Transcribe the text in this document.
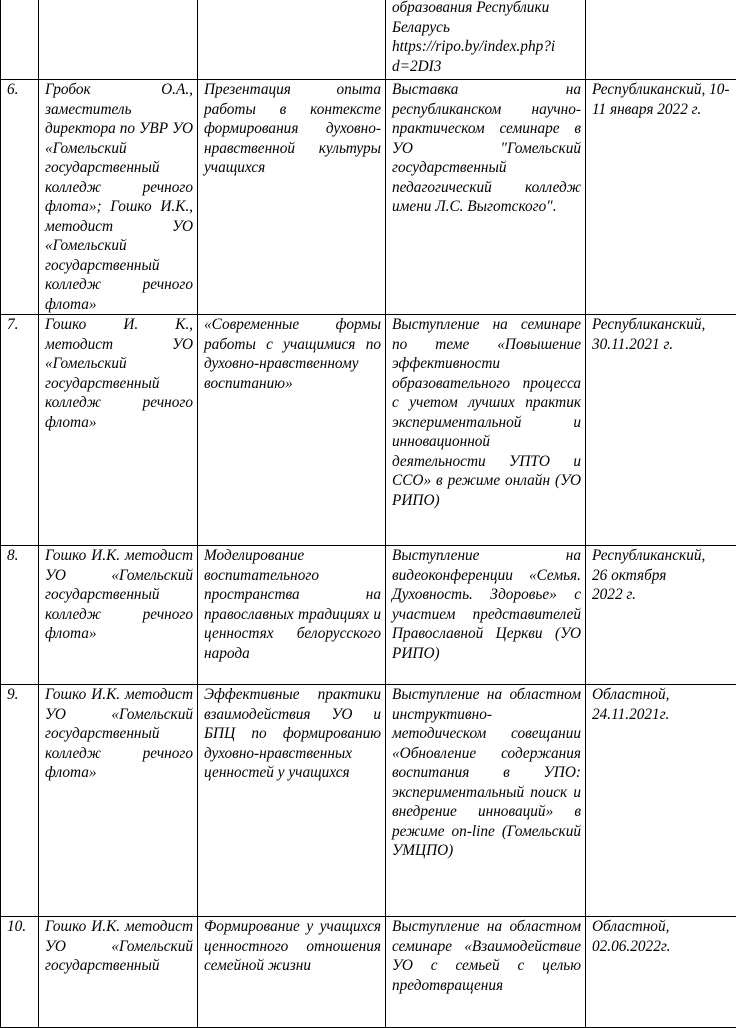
			образования Республики
Беларусь
https://ripo.by/index.php?i
d=2DI3	

6.	Гробок О.А., заместитель директора по УВР УО «Гомельский государственный колледж речного флота»; Гошко И.К., методист УО «Гомельский государственный колледж речного флота»	Презентация опыта работы в контексте формирования духовно-нравственной культуры учащихся	Выставка на республиканском научно-практическом семинаре в УО "Гомельский государственный педагогический колледж имени Л.С. Выготского".	Республиканский, 10-11 января 2022 г.

7.	Гошко И. К., методист УО «Гомельский государственный колледж речного флота»	«Современные формы работы с учащимися по духовно-нравственному воспитанию»	Выступление на семинаре по теме «Повышение эффективности образовательного процесса с учетом лучших практик экспериментальной и инновационной деятельности УПТО и ССО» в режиме онлайн (УО РИПО)	Республиканский, 30.11.2021 г.

8.	Гошко И.К. методист УО «Гомельский государственный колледж речного флота»	Моделирование воспитательного пространства на православных традициях и ценностях белорусского народа	Выступление на видеоконференции «Семья. Духовность. Здоровье» с участием представителей Православной Церкви (УО РИПО)	Республиканский,
26 октября
2022 г.

9.	Гошко И.К. методист УО «Гомельский государственный колледж речного флота»	Эффективные практики взаимодействия УО и БПЦ по формированию духовно-нравственных ценностей у учащихся	Выступление на областном инструктивно-методическом совещании «Обновление содержания воспитания в УПО: экспериментальный поиск и внедрение инноваций» в режиме on-line (Гомельский УМЦПО)	Областной, 24.11.2021г.

10.	Гошко И.К. методист УО «Гомельский государственный	Формирование у учащихся ценностного отношения семейной жизни	Выступление на областном семинаре «Взаимодействие УО с семьей с целью предотвращения	Областной, 02.06.2022г.
